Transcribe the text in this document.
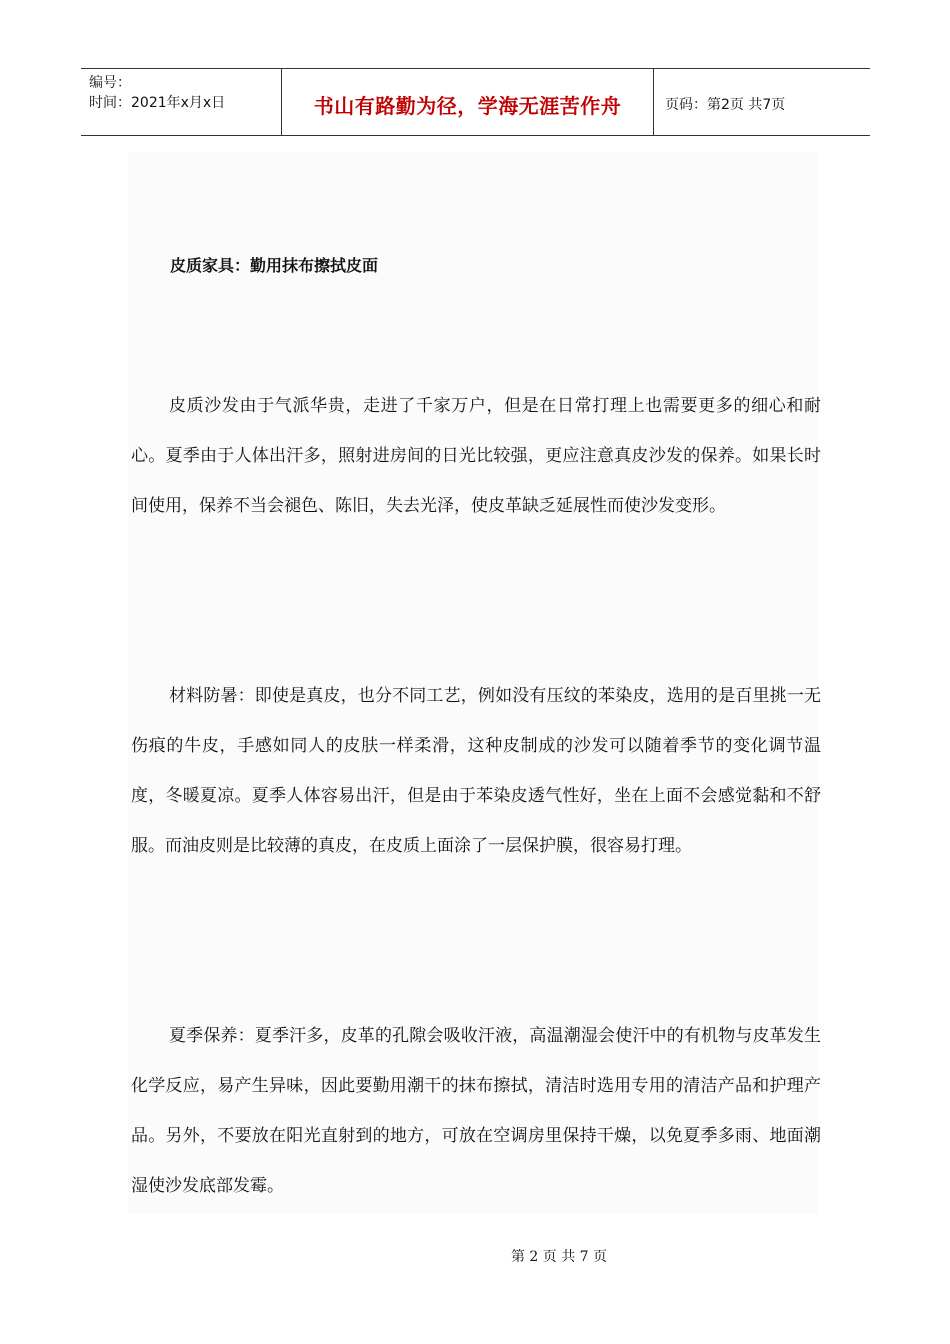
编号：
时间：2021年x月x日	书山有路勤为径，学海无涯苦作舟	页码：第2页 共7页
皮质家具：勤用抹布擦拭皮面

皮质沙发由于气派华贵，走进了千家万户，但是在日常打理上也需要更多的细心和耐心。夏季由于人体出汗多，照射进房间的日光比较强，更应注意真皮沙发的保养。如果长时间使用，保养不当会褪色、陈旧，失去光泽，使皮革缺乏延展性而使沙发变形。

材料防暑：即使是真皮，也分不同工艺，例如没有压纹的苯染皮，选用的是百里挑一无伤痕的牛皮，手感如同人的皮肤一样柔滑，这种皮制成的沙发可以随着季节的变化调节温度，冬暖夏凉。夏季人体容易出汗，但是由于苯染皮透气性好，坐在上面不会感觉黏和不舒服。而油皮则是比较薄的真皮，在皮质上面涂了一层保护膜，很容易打理。

夏季保养：夏季汗多，皮革的孔隙会吸收汗液，高温潮湿会使汗中的有机物与皮革发生化学反应，易产生异味，因此要勤用潮干的抹布擦拭，清洁时选用专用的清洁产品和护理产品。另外，不要放在阳光直射到的地方，可放在空调房里保持干燥，以免夏季多雨、地面潮湿使沙发底部发霉。

第 2 页 共 7 页
